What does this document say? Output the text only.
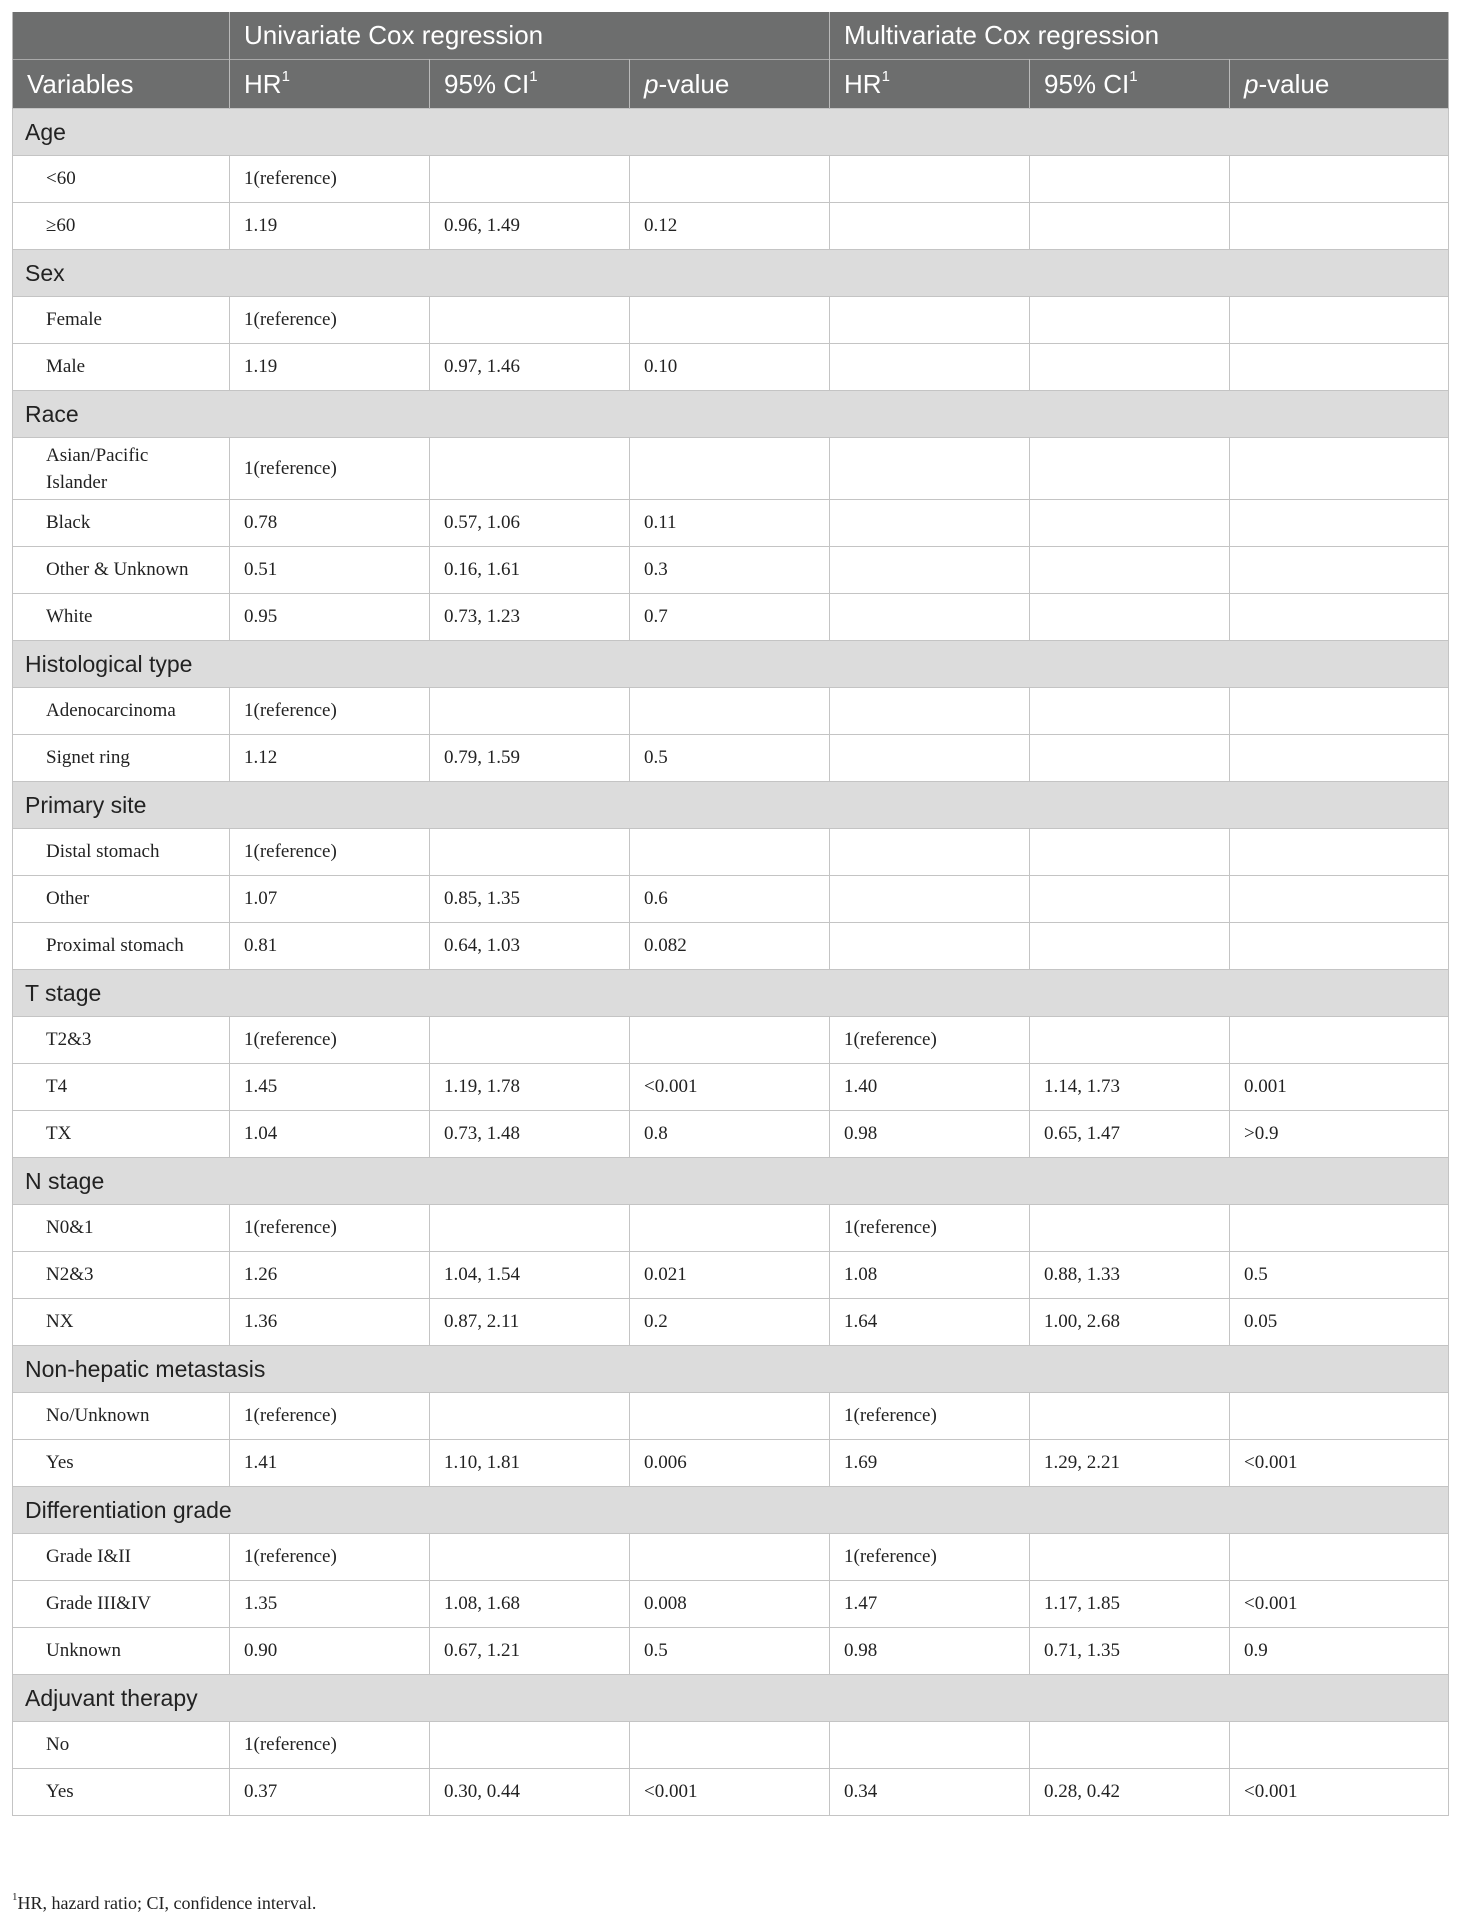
	Univariate Cox regression			Multivariate Cox regression		
Variables	$HR^1$	95% $CI^1$	p-value	$HR^1$	95% $CI^1$	p-value
Age						
<60	1(reference)					
≥60	1.19	0.96, 1.49	0.12			
Sex						
Female	1(reference)					
Male	1.19	0.97, 1.46	0.10			
Race						
Asian/Pacific Islander	1(reference)					
Black	0.78	0.57, 1.06	0.11			
Other & Unknown	0.51	0.16, 1.61	0.3			
White	0.95	0.73, 1.23	0.7			
Histological type						
Adenocarcinoma	1(reference)					
Signet ring	1.12	0.79, 1.59	0.5			
Primary site						
Distal stomach	1(reference)					
Other	1.07	0.85, 1.35	0.6			
Proximal stomach	0.81	0.64, 1.03	0.082			
T stage						
T2&3	1(reference)			1(reference)		
T4	1.45	1.19, 1.78	<0.001	1.40	1.14, 1.73	0.001
TX	1.04	0.73, 1.48	0.8	0.98	0.65, 1.47	>0.9
N stage						
N0&1	1(reference)			1(reference)		
N2&3	1.26	1.04, 1.54	0.021	1.08	0.88, 1.33	0.5
NX	1.36	0.87, 2.11	0.2	1.64	1.00, 2.68	0.05
Non-hepatic metastasis						
No/Unknown	1(reference)			1(reference)		
Yes	1.41	1.10, 1.81	0.006	1.69	1.29, 2.21	<0.001
Differentiation grade						
Grade I&II	1(reference)			1(reference)		
Grade III&IV	1.35	1.08, 1.68	0.008	1.47	1.17, 1.85	<0.001
Unknown	0.90	0.67, 1.21	0.5	0.98	0.71, 1.35	0.9
Adjuvant therapy						
No	1(reference)					
Yes	0.37	0.30, 0.44	<0.001	0.34	0.28, 0.42	<0.001
$^1$HR, hazard ratio; CI, confidence interval.
